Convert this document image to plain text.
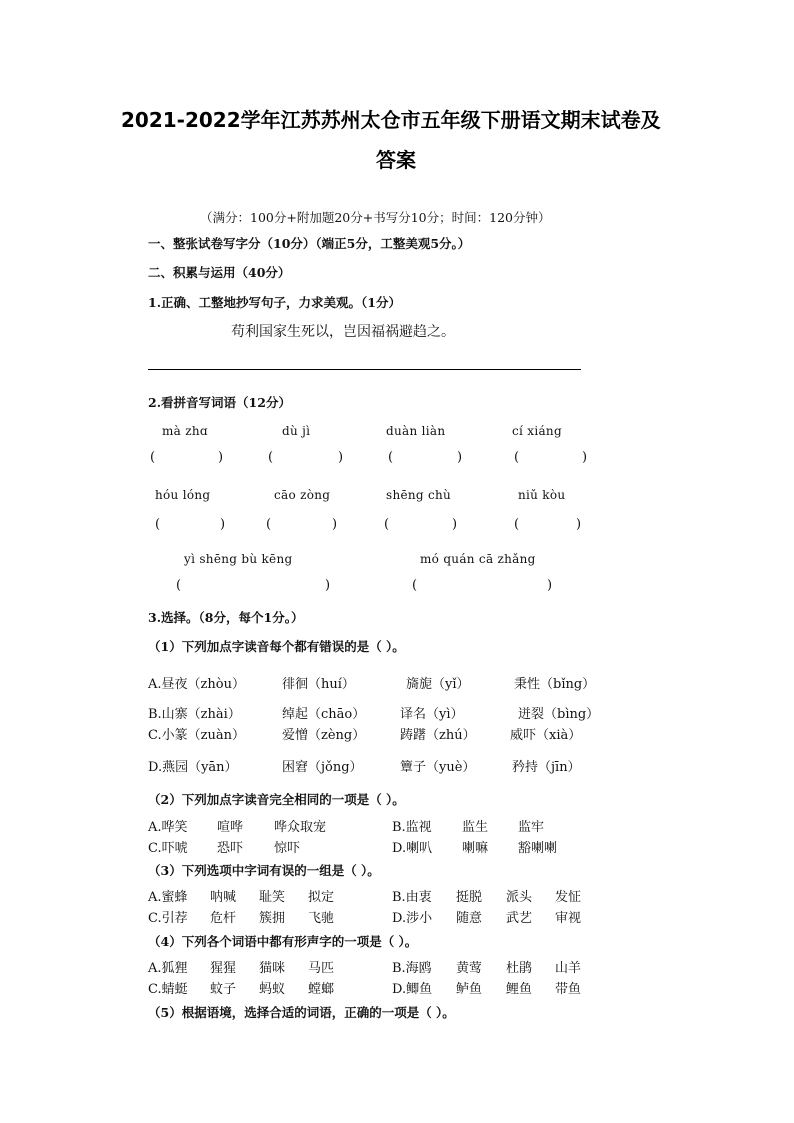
2021-2022学年江苏苏州太仓市五年级下册语文期末试卷及
答案
（满分：100分+附加题20分+书写分10分；时间：120分钟）
一、整张试卷写字分（10分）（端正5分，工整美观5分。）
二、积累与运用（40分）
1.正确、工整地抄写句子，力求美观。（1分）
苟利国家生死以，岂因福祸避趋之。
2.看拼音写词语（12分）
mà zhɑ	dù jì	duàn liàn	cí xiáng
(	)	(	)	(	)	(	)
hóu lóng	cāo zòng	shēng chù	niǔ kòu
(	)	(	)	(	)	(	)
yì shēng bù kēng	mó quán cā zhǎng
(	)	(	)
3.选择。（8分，每个1分。）
（1）下列加点字读音每个都有错误的是（ ）。
A.昼夜（zhòu）	徘徊（huí）	旖旎（yǐ）	秉性（bǐng）
B.山寨（zhài）	绰起（chāo）	译名（yì）	迸裂（bìng）
C.小篆（zuàn）	爱憎（zèng）	踌躇（zhú）	威吓（xià）
D.燕园（yān）	困窘（jǒng）	簟子（yuè）	矜持（jīn）
（2）下列加点字读音完全相同的一项是（ ）。
A.哗笑 喧哗 哗众取宠	B.监视 监生 监牢
C.吓唬 恐吓 惊吓	D.喇叭 喇嘛 豁喇喇
（3）下列选项中字词有误的一组是（ ）。
A.蜜蜂 呐喊 耻笑 拟定	B.由衷 挺脱 派头 发怔
C.引荐 危杆 簇拥 飞驰	D.涉小 随意 武艺 审视
（4）下列各个词语中都有形声字的一项是（ ）。
A.狐狸 猩猩 猫咪 马匹	B.海鸥 黄莺 杜鹃 山羊
C.蜻蜓 蚊子 蚂蚁 螳螂	D.鲫鱼 鲈鱼 鲤鱼 带鱼
（5）根据语境，选择合适的词语，正确的一项是（ ）。
